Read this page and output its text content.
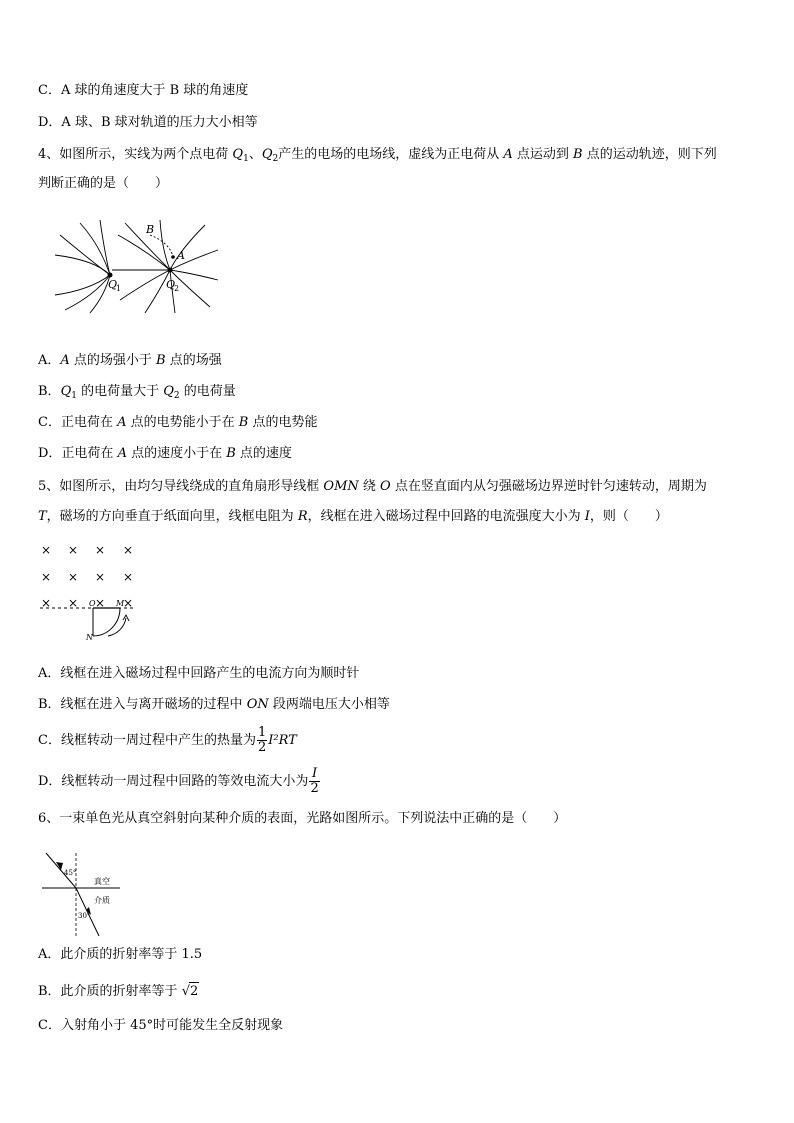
C．A 球的角速度大于 B 球的角速度
D．A 球、B 球对轨道的压力大小相等
4、如图所示，实线为两个点电荷 $Q_1$、$Q_2$产生的电场的电场线，虚线为正电荷从 A 点运动到 B 点的运动轨迹，则下列
判断正确的是（　　）
B
A
Q
1	Q
2
A．A 点的场强小于 B 点的场强
B．$Q_1$ 的电荷量大于 $Q_2$ 的电荷量
C．正电荷在 A 点的电势能小于在 B 点的电势能
D．正电荷在 A 点的速度小于在 B 点的速度
5、如图所示，由均匀导线绕成的直角扇形导线框 OMN 绕 O 点在竖直面内从匀强磁场边界逆时针匀速转动，周期为
T，磁场的方向垂直于纸面向里，线框电阻为 R，线框在进入磁场过程中回路的电流强度大小为 I，则（　　）
× × × ×
× × × ×
× × × ×
O	M
N
A．线框在进入磁场过程中回路产生的电流方向为顺时针
B．线框在进入与离开磁场的过程中 ON 段两端电压大小相等
C．线框转动一周过程中产生的热量为 $\frac{1}{2} I^2RT$
D．线框转动一周过程中回路的等效电流大小为 $\frac{I}{2}$
6、一束单色光从真空斜射向某种介质的表面，光路如图所示。下列说法中正确的是（　　）
45°
30°
真空
介质
A．此介质的折射率等于 1.5
B．此介质的折射率等于 √2
C．入射角小于 45°时可能发生全反射现象
